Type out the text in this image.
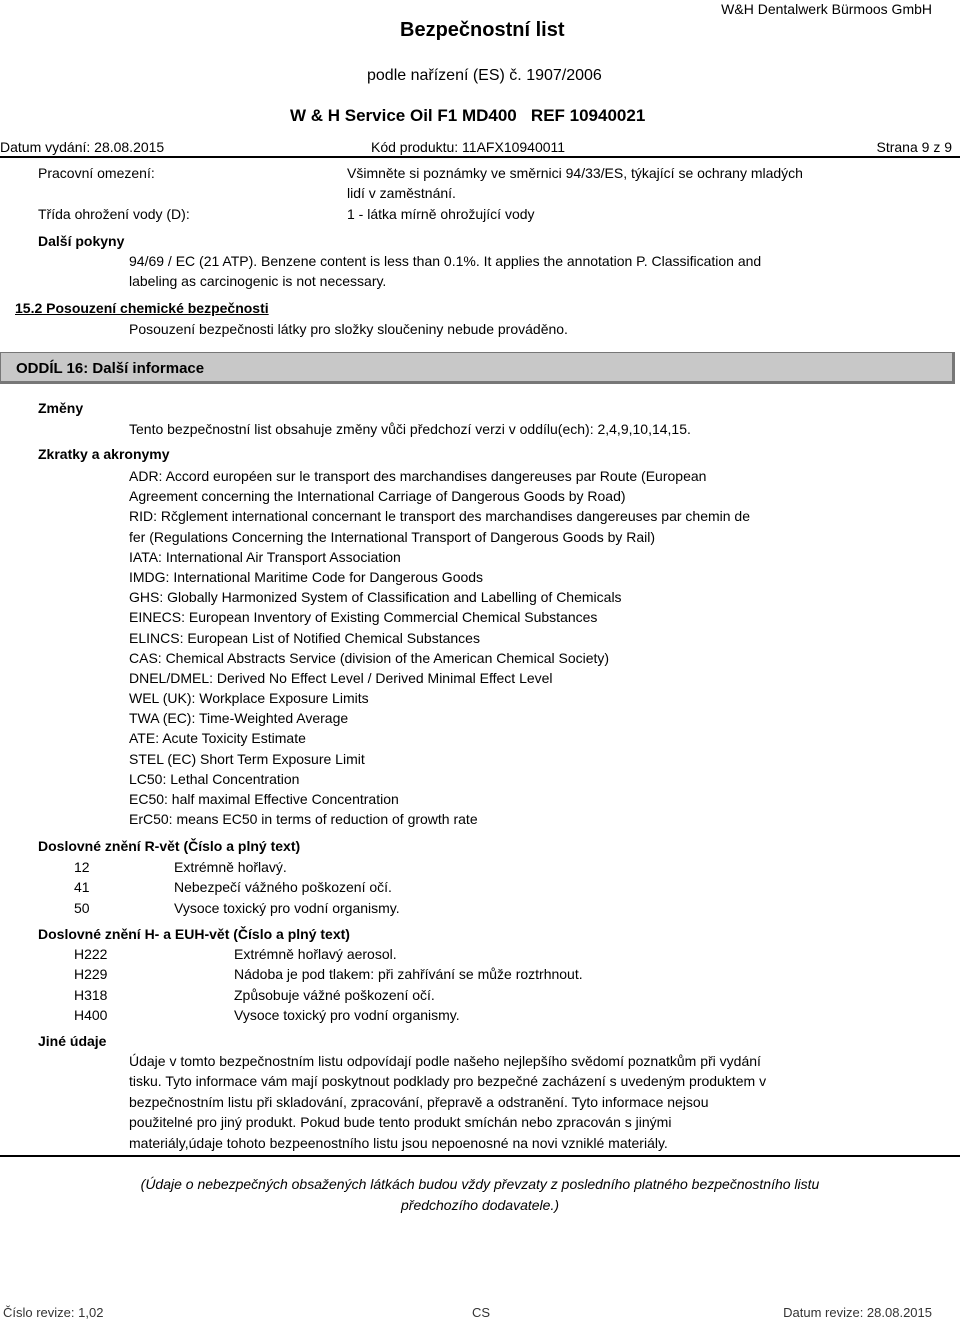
Bezpečnostní list
W&H Dentalwerk Bürmoos GmbH
podle nařízení (ES) č. 1907/2006
W & H Service Oil F1 MD400   REF 10940021
Datum vydání: 28.08.2015	Kód produktu: 11AFX10940011	Strana 9 z 9
Pracovní omezení:	Všimněte si poznámky ve směrnici 94/33/ES, týkající se ochrany mladých
lidí v zaměstnání.
Třída ohrožení vody (D):	1 - látka mírně ohrožující vody
Další pokyny
94/69 / EC (21 ATP). Benzene content is less than 0.1%. It applies the annotation P. Classification and
labeling as carcinogenic is not necessary.
15.2 Posouzení chemické bezpečnosti
Posouzení bezpečnosti látky pro složky sloučeniny nebude prováděno.
ODDÍL 16: Další informace
Změny
Tento bezpečnostní list obsahuje změny vůči předchozí verzi v oddílu(ech): 2,4,9,10,14,15.
Zkratky a akronymy
ADR: Accord européen sur le transport des marchandises dangereuses par Route (European
Agreement concerning the International Carriage of Dangerous Goods by Road)
RID: Rčglement international concernant le transport des marchandises dangereuses par chemin de
fer (Regulations Concerning the International Transport of Dangerous Goods by Rail)
IATA: International Air Transport Association
IMDG: International Maritime Code for Dangerous Goods
GHS: Globally Harmonized System of Classification and Labelling of Chemicals
EINECS: European Inventory of Existing Commercial Chemical Substances
ELINCS: European List of Notified Chemical Substances
CAS: Chemical Abstracts Service (division of the American Chemical Society)
DNEL/DMEL: Derived No Effect Level / Derived Minimal Effect Level
WEL (UK): Workplace Exposure Limits
TWA (EC): Time-Weighted Average
ATE: Acute Toxicity Estimate
STEL (EC) Short Term Exposure Limit
LC50: Lethal Concentration
EC50: half maximal Effective Concentration
ErC50: means EC50 in terms of reduction of growth rate
Doslovné znění R-vět (Číslo a plný text)
12	Extrémně hořlavý.
41	Nebezpečí vážného poškození očí.
50	Vysoce toxický pro vodní organismy.
Doslovné znění H- a EUH-vět (Číslo a plný text)
H222	Extrémně hořlavý aerosol.
H229	Nádoba je pod tlakem: při zahřívání se může roztrhnout.
H318	Způsobuje vážné poškození očí.
H400	Vysoce toxický pro vodní organismy.
Jiné údaje
Údaje v tomto bezpečnostním listu odpovídají podle našeho nejlepšího svědomí poznatkům při vydání
tisku. Tyto informace vám mají poskytnout podklady pro bezpečné zacházení s uvedeným produktem v
bezpečnostním listu při skladování, zpracování, přepravě a odstranění. Tyto informace nejsou
použitelné pro jiný produkt. Pokud bude tento produkt smíchán nebo zpracován s jinými
materiály,údaje tohoto bezpeenostního listu jsou nepoenosné na novi vzniklé materiály.
(Údaje o nebezpečných obsažených látkách budou vždy převzaty z posledního platného bezpečnostního listu
předchozího dodavatele.)
Číslo revize: 1,02	CS	Datum revize: 28.08.2015
